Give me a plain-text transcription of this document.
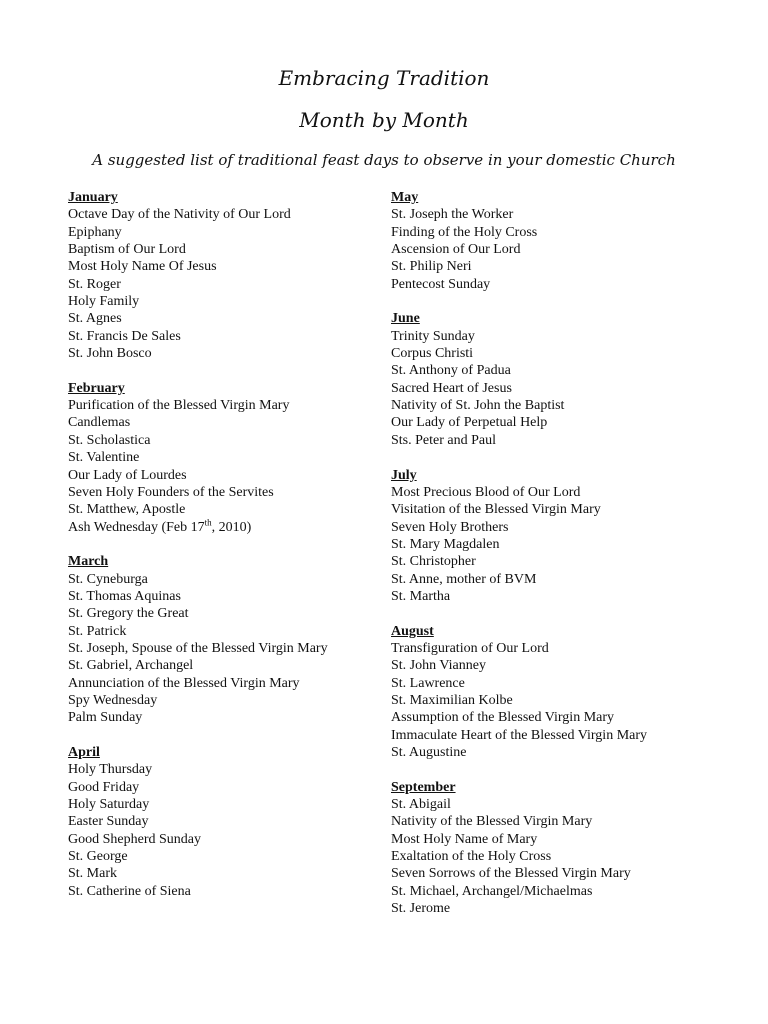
Embracing Tradition
Month by Month

A suggested list of traditional feast days to observe in your domestic Church

January
Octave Day of the Nativity of Our Lord
Epiphany
Baptism of Our Lord
Most Holy Name Of Jesus
St. Roger
Holy Family
St. Agnes
St. Francis De Sales
St. John Bosco
February
Purification of the Blessed Virgin Mary
Candlemas
St. Scholastica
St. Valentine
Our Lady of Lourdes
Seven Holy Founders of the Servites
St. Matthew, Apostle
Ash Wednesday (Feb 17th, 2010)
March
St. Cyneburga
St. Thomas Aquinas
St. Gregory the Great
St. Patrick
St. Joseph, Spouse of the Blessed Virgin Mary
St. Gabriel, Archangel
Annunciation of the Blessed Virgin Mary
Spy Wednesday
Palm Sunday
April
Holy Thursday
Good Friday
Holy Saturday
Easter Sunday
Good Shepherd Sunday
St. George
St. Mark
St. Catherine of Siena
May
St. Joseph the Worker
Finding of the Holy Cross
Ascension of Our Lord
St. Philip Neri
Pentecost Sunday
June
Trinity Sunday
Corpus Christi
St. Anthony of Padua
Sacred Heart of Jesus
Nativity of St. John the Baptist
Our Lady of Perpetual Help
Sts. Peter and Paul
July
Most Precious Blood of Our Lord
Visitation of the Blessed Virgin Mary
Seven Holy Brothers
St. Mary Magdalen
St. Christopher
St. Anne, mother of BVM
St. Martha
August
Transfiguration of Our Lord
St. John Vianney
St. Lawrence
St. Maximilian Kolbe
Assumption of the Blessed Virgin Mary
Immaculate Heart of the Blessed Virgin Mary
St. Augustine
September
St. Abigail
Nativity of the Blessed Virgin Mary
Most Holy Name of Mary
Exaltation of the Holy Cross
Seven Sorrows of the Blessed Virgin Mary
St. Michael, Archangel/Michaelmas
St. Jerome
